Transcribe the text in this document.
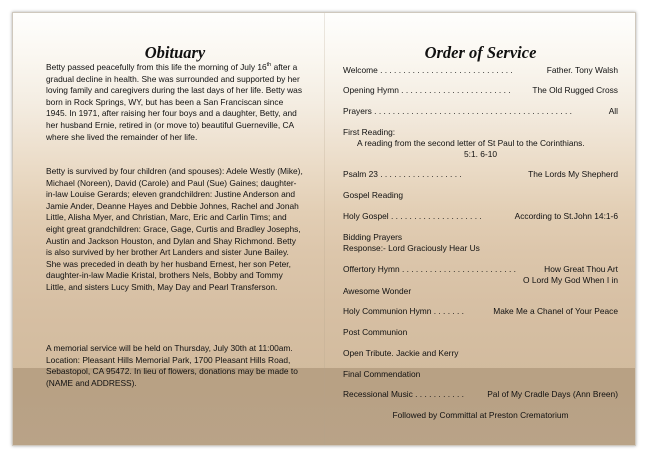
Obituary

Betty passed peacefully from this life the morning of July 16th after a gradual decline in health. She was surrounded and supported by her loving family and caregivers during the last days of her life. Betty was born in Rock Springs, WY, but has been a San Franciscan since 1945. In 1971, after raising her four boys and a daughter, Betty, and her husband Ernie, retired in (or move to) beautiful Guerneville, CA where she lived the remainder of her life.

Betty is survived by four children (and spouses): Adele Westly (Mike), Michael (Noreen), David (Carole) and Paul (Sue) Gaines; daughter-in-law Louise Gerards; eleven grandchildren: Justine Anderson and Jamie Ander, Deanne Hayes and Debbie Johnes, Rachel and Jonah Little, Alisha Myer, and Christian, Marc, Eric and Carlin Tims; and eight great grandchildren: Grace, Gage, Curtis and Bradley Josephs, Austin and Jackson Houston, and Dylan and Shay Richmond. Betty is also survived by her brother Art Landers and sister June Bailey. She was preceded in death by her husband Ernest, her son Peter, daughter-in-law Madie Kristal, brothers Nels, Bobby and Tommy Little, and sisters Lucy Smith, May Day and Pearl Transferson.

A memorial service will be held on Thursday, July 30th at 11:00am. Location: Pleasant Hills Memorial Park, 1700 Pleasant Hills Road, Sebastopol, CA 95472. In lieu of flowers, donations may be made to (NAME and ADDRESS).

Order of Service
Welcome . . . . . . . . . . . . . . . . . . . . . . . . . . . . .	Father. Tony Walsh
Opening Hymn . . . . . . . . . . . . . . . . . . . . . . . .	The Old Rugged Cross
Prayers . . . . . . . . . . . . . . . . . . . . . . . . . . . . . . . . . . . . . . . . . . .	All
First Reading:
A reading from the second letter of St Paul to the Corinthians.
5:1. 6-10
Psalm 23 . . . . . . . . . . . . . . . . . .	The Lords My Shepherd
Gospel Reading
Holy Gospel . . . . . . . . . . . . . . . . . . . .	According to St.John 14:1-6
Bidding Prayers
Response:- Lord Graciously Hear Us
Offertory Hymn . . . . . . . . . . . . . . . . . . . . . . . . .	How Great Thou Art
O Lord My God When I in
Awesome Wonder
Holy Communion Hymn . . . . . . .	Make Me a Chanel of Your Peace
Post Communion
Open Tribute. Jackie and Kerry
Final Commendation
Recessional Music . . . . . . . . . . .	Pal of My Cradle Days (Ann Breen)
Followed by Committal at Preston Crematorium
